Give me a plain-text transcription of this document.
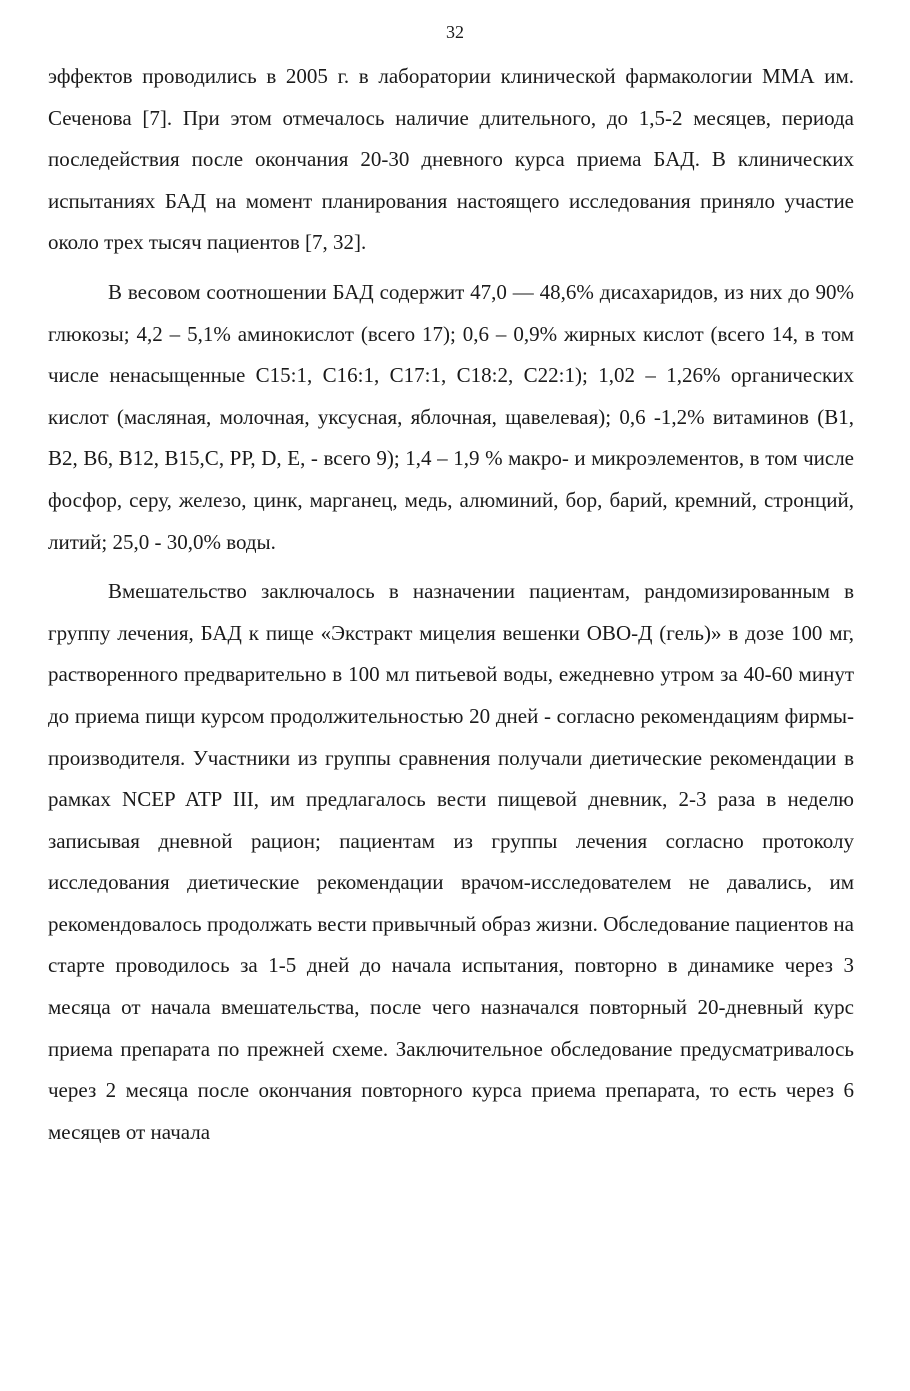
32

эффектов проводились в 2005 г. в лаборатории клинической фармакологии ММА им. Сеченова [7]. При этом отмечалось наличие длительного, до 1,5-2 месяцев, периода последействия после окончания 20-30 дневного курса приема БАД. В клинических испытаниях БАД на момент планирования настоящего исследования приняло участие около трех тысяч пациентов [7, 32].

В весовом соотношении БАД содержит 47,0 — 48,6% дисахаридов, из них до 90% глюкозы; 4,2 – 5,1% аминокислот (всего 17); 0,6 – 0,9% жирных кислот (всего 14, в том числе ненасыщенные С15:1, С16:1, С17:1, С18:2, С22:1); 1,02 – 1,26% органических кислот (масляная, молочная, уксусная, яблочная, щавелевая); 0,6 -1,2% витаминов (В1, В2, В6, В12, В15,С, РР, D, Е, - всего 9); 1,4 – 1,9 % макро- и микроэлементов, в том числе фосфор, серу, железо, цинк, марганец, медь, алюминий, бор, барий, кремний, стронций, литий; 25,0 - 30,0% воды.

Вмешательство заключалось в назначении пациентам, рандомизированным в группу лечения, БАД к пище «Экстракт мицелия вешенки ОВО-Д (гель)» в дозе 100 мг, растворенного предварительно в 100 мл питьевой воды, ежедневно утром за 40-60 минут до приема пищи курсом продолжительностью 20 дней - согласно рекомендациям фирмы-производителя. Участники из группы сравнения получали диетические рекомендации в рамках NCEP ATP III, им предлагалось вести пищевой дневник, 2-3 раза в неделю записывая дневной рацион; пациентам из группы лечения согласно протоколу исследования диетические рекомендации врачом-исследователем не давались, им рекомендовалось продолжать вести привычный образ жизни. Обследование пациентов на старте проводилось за 1-5 дней до начала испытания, повторно в динамике через 3 месяца от начала вмешательства, после чего назначался повторный 20-дневный курс приема препарата по прежней схеме. Заключительное обследование предусматривалось через 2 месяца после окончания повторного курса приема препарата, то есть через 6 месяцев от начала
